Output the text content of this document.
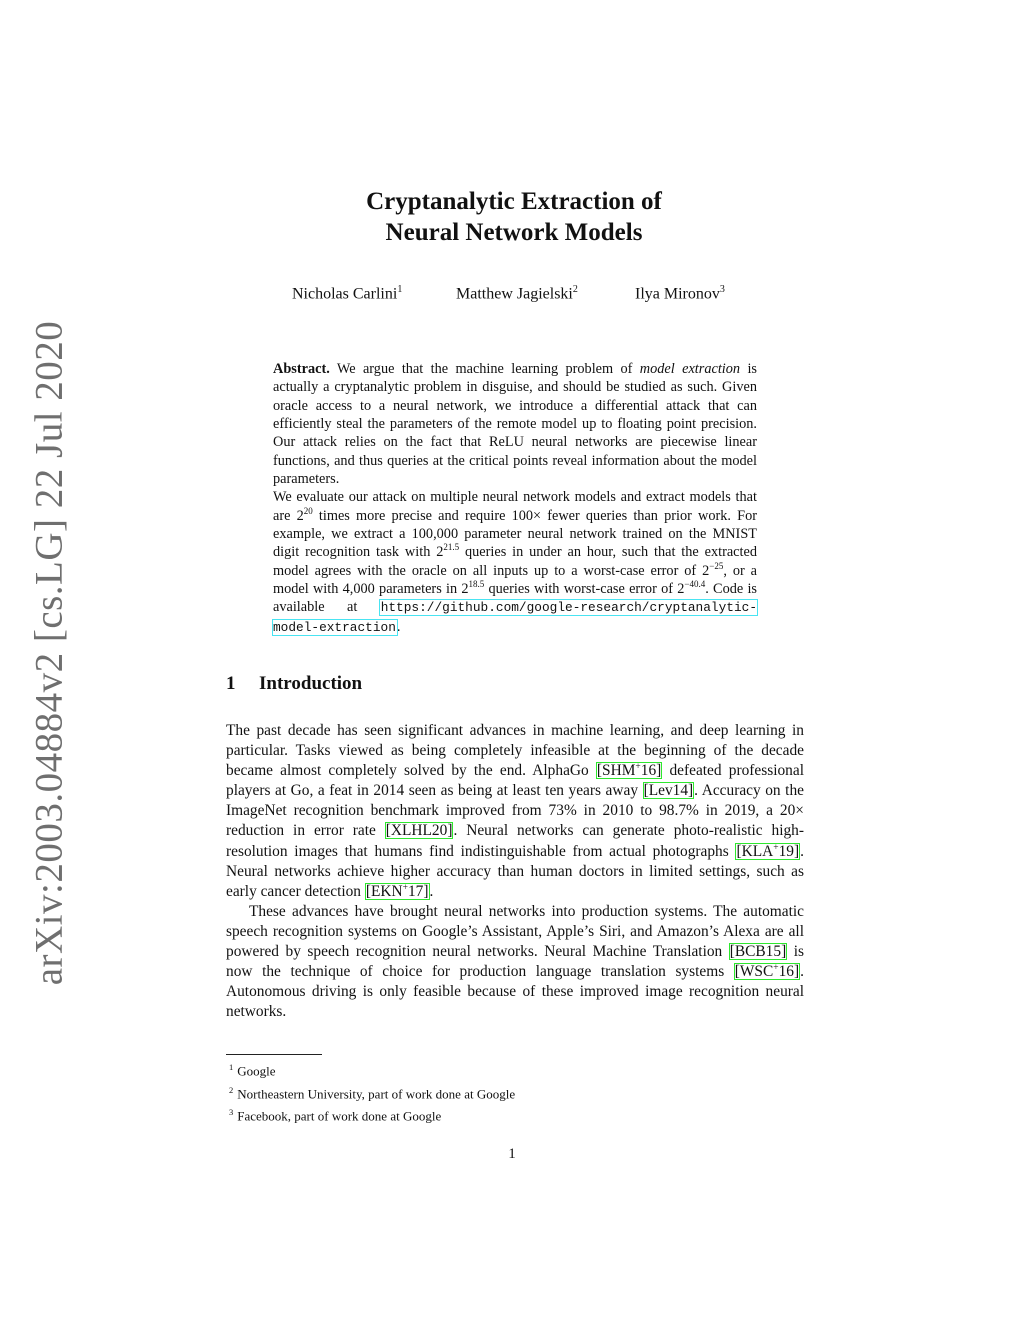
arXiv:2003.04884v2 [cs.LG] 22 Jul 2020
Cryptanalytic Extraction of
Neural Network Models
Nicholas Carlini$^1$	Matthew Jagielski$^2$	Ilya Mironov$^3$
Abstract. We argue that the machine learning problem of model extraction is actually a cryptanalytic problem in disguise, and should be studied as such. Given oracle access to a neural network, we introduce a differential attack that can efficiently steal the parameters of the remote model up to floating point precision. Our attack relies on the fact that ReLU neural networks are piecewise linear functions, and thus queries at the critical points reveal information about the model parameters.
We evaluate our attack on multiple neural network models and extract models that are $2^{20}$ times more precise and require 100× fewer queries than prior work. For example, we extract a 100,000 parameter neural network trained on the MNIST digit recognition task with $2^{21.5}$ queries in under an hour, such that the extracted model agrees with the oracle on all inputs up to a worst-case error of $2^{-25}$, or a model with 4,000 parameters in $2^{18.5}$ queries with worst-case error of $2^{-40.4}$. Code is available at https://github.com/google-research/cryptanalytic-model-extraction.
1 Introduction

The past decade has seen significant advances in machine learning, and deep learning in particular. Tasks viewed as being completely infeasible at the beginning of the decade became almost completely solved by the end. AlphaGo [SHM+16] defeated professional players at Go, a feat in 2014 seen as being at least ten years away [Lev14]. Accuracy on the ImageNet recognition benchmark improved from 73% in 2010 to 98.7% in 2019, a 20× reduction in error rate [XLHL20]. Neural networks can generate photo-realistic high-resolution images that humans find indistinguishable from actual photographs [KLA+19]. Neural networks achieve higher accuracy than human doctors in limited settings, such as early cancer detection [EKN+17].

These advances have brought neural networks into production systems. The automatic speech recognition systems on Google’s Assistant, Apple’s Siri, and Amazon’s Alexa are all powered by speech recognition neural networks. Neural Machine Translation [BCB15] is now the technique of choice for production language translation systems [WSC+16]. Autonomous driving is only feasible because of these improved image recognition neural networks.

$^1$ Google
$^2$ Northeastern University, part of work done at Google
$^3$ Facebook, part of work done at Google
1
